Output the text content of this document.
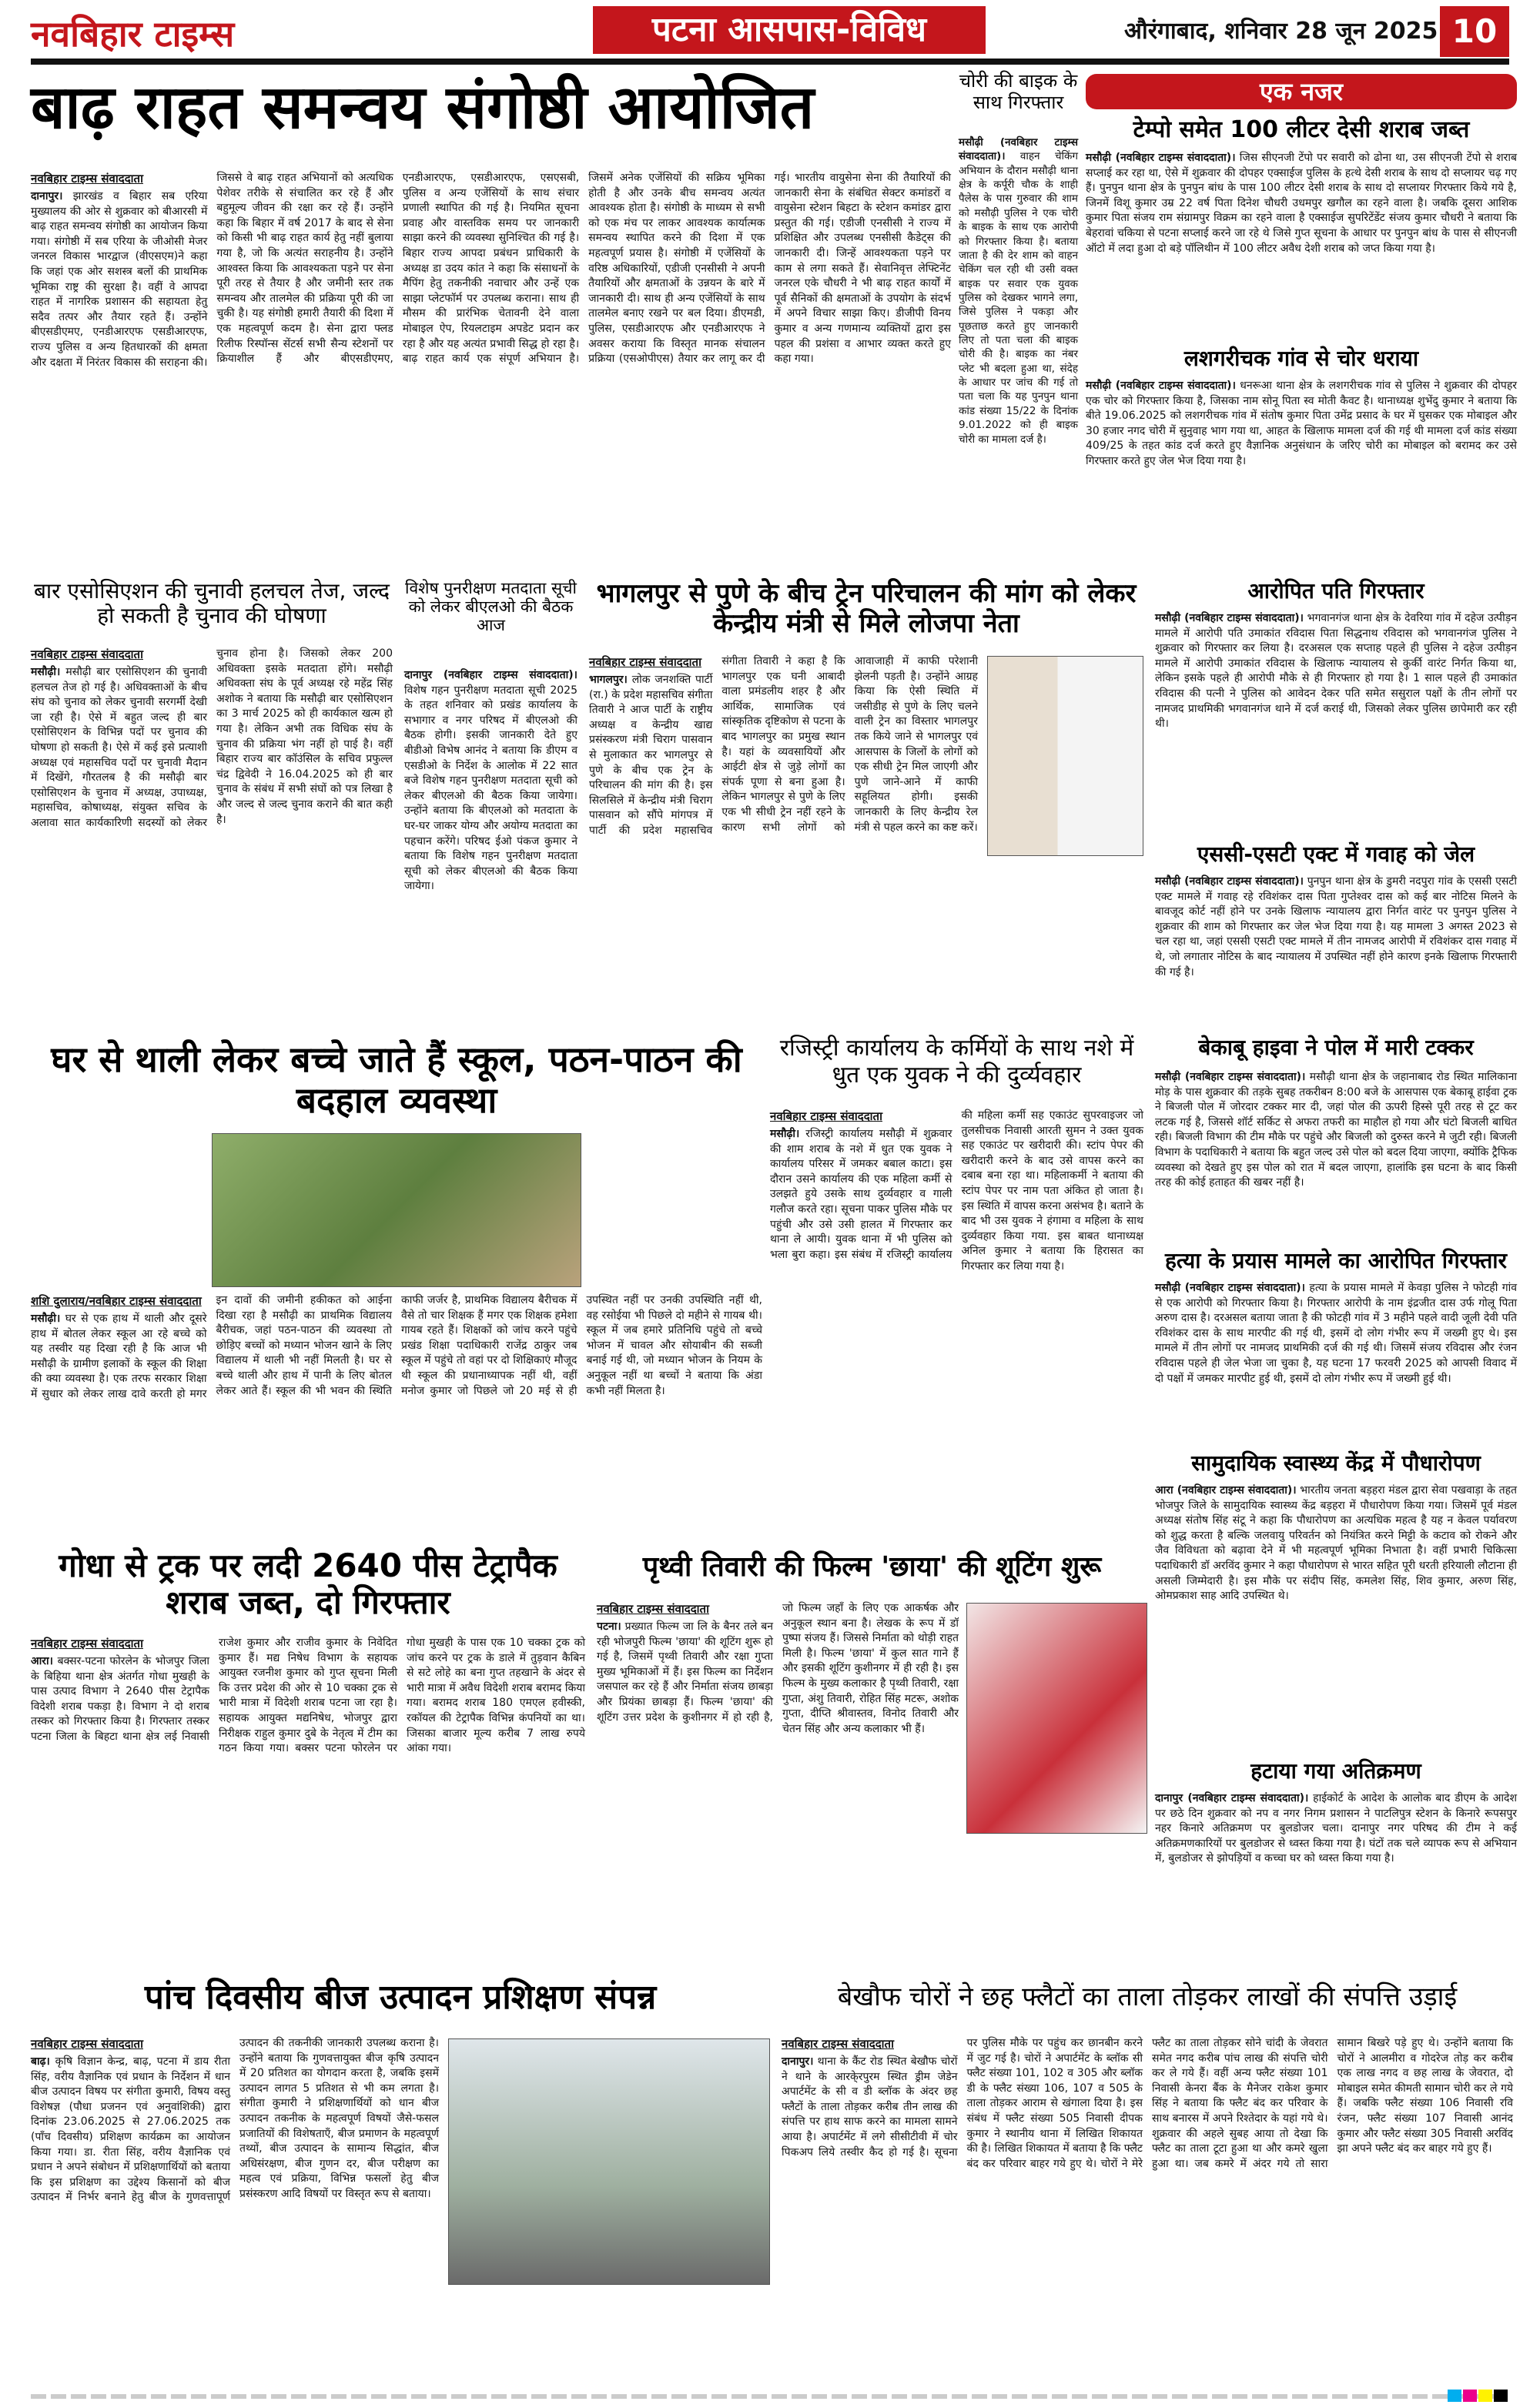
नवबिहार टाइम्स	पटना आसपास-विविध	औरंगाबाद, शनिवार 28 जून 2025 10
बाढ़ राहत समन्वय संगोष्ठी आयोजित
नवबिहार टाइम्स संवाददाता
दानापुर। झारखंड व बिहार सब एरिया मुख्यालय की ओर से शुक्रवार को बीआरसी में बाढ़ राहत समन्वय संगोष्ठी का आयोजन किया गया। संगोष्ठी में सब एरिया के जीओसी मेजर जनरल विकास भारद्वाज (वीएसएम)ने कहा कि जहां एक ओर सशस्त्र बलों की प्राथमिक भूमिका राष्ट्र की सुरक्षा है। वहीं वे आपदा राहत में नागरिक प्रशासन की सहायता हेतु सदैव तत्पर और तैयार रहते हैं। उन्होंने बीएसडीएमए, एनडीआरएफ एसडीआरएफ, राज्य पुलिस व अन्य हितधारकों की क्षमता और दक्षता में निरंतर विकास की सराहना की। जिससे वे बाढ़ राहत अभियानों को अत्यधिक पेशेवर तरीके से संचालित कर रहे हैं और बहुमूल्य जीवन की रक्षा कर रहे हैं। उन्होंने कहा कि बिहार में वर्ष 2017 के बाद से सेना को किसी भी बाढ़ राहत कार्य हेतु नहीं बुलाया गया है, जो कि अत्यंत सराहनीय है। उन्होंने आश्वस्त किया कि आवश्यकता पड़ने पर सेना पूरी तरह से तैयार है और जमीनी स्तर तक समन्वय और तालमेल की प्रक्रिया पूरी की जा चुकी है। यह संगोष्ठी हमारी तैयारी की दिशा में एक महत्वपूर्ण कदम है। सेना द्वारा फ्लड रिलीफ रिस्पॉन्स सेंटर्स सभी सैन्य स्टेशनों पर क्रियाशील हैं और बीएसडीएमए, एनडीआरएफ, एसडीआरएफ, एसएसबी, पुलिस व अन्य एजेंसियों के साथ संचार प्रणाली स्थापित की गई है। नियमित सूचना प्रवाह और वास्तविक समय पर जानकारी साझा करने की व्यवस्था सुनिश्चित की गई है। बिहार राज्य आपदा प्रबंधन प्राधिकारी के अध्यक्ष डा उदय कांत ने कहा कि संसाधनों के मैपिंग हेतु तकनीकी नवाचार और उन्हें एक साझा प्लेटफॉर्म पर उपलब्ध कराना। साथ ही मौसम की प्रारंभिक चेतावनी देने वाला मोबाइल ऐप, रियलटाइम अपडेट प्रदान कर रहा है और यह अत्यंत प्रभावी सिद्ध हो रहा है। बाढ़ राहत कार्य एक संपूर्ण अभियान है। जिसमें अनेक एजेंसियों की सक्रिय भूमिका होती है और उनके बीच समन्वय अत्यंत आवश्यक होता है। संगोष्ठी के माध्यम से सभी को एक मंच पर लाकर आवश्यक कार्यात्मक समन्वय स्थापित करने की दिशा में एक महत्वपूर्ण प्रयास है। संगोष्ठी में एजेंसियों के वरिष्ठ अधिकारियों, एडीजी एनसीसी ने अपनी तैयारियों और क्षमताओं के उन्नयन के बारे में जानकारी दी। साथ ही अन्य एजेंसियों के साथ तालमेल बनाए रखने पर बल दिया। डीएमडी, पुलिस, एसडीआरएफ और एनडीआरएफ ने अवसर कराया कि विस्तृत मानक संचालन प्रक्रिया (एसओपीएस) तैयार कर लागू कर दी गई। भारतीय वायुसेना सेना की तैयारियों की जानकारी सेना के संबंधित सेक्टर कमांडरों व वायुसेना स्टेशन बिहटा के स्टेशन कमांडर द्वारा प्रस्तुत की गई। एडीजी एनसीसी ने राज्य में प्रशिक्षित और उपलब्ध एनसीसी कैडेट्स की जानकारी दी। जिन्हें आवश्यकता पड़ने पर काम से लगा सकते हैं। सेवानिवृत्त लेफ्टिनेंट जनरल एके चौधरी ने भी बाढ़ राहत कार्यों में पूर्व सैनिकों की क्षमताओं के उपयोग के संदर्भ में अपने विचार साझा किए। डीजीपी विनय कुमार व अन्य गणमान्य व्यक्तियों द्वारा इस पहल की प्रशंसा व आभार व्यक्त करते हुए कहा गया।
चोरी की बाइक के साथ गिरफ्तार
मसौढ़ी (नवबिहार टाइम्स संवाददाता)। वाहन चेकिंग अभियान के दौरान मसौढ़ी थाना क्षेत्र के कर्पूरी चौक के शाही पैलेस के पास गुरुवार की शाम को मसौढ़ी पुलिस ने एक चोरी के बाइक के साथ एक आरोपी को गिरफ्तार किया है। बताया जाता है की देर शाम को वाहन चेकिंग चल रही थी उसी वक्त बाइक पर सवार एक युवक पुलिस को देखकर भागने लगा, जिसे पुलिस ने पकड़ा और पूछताछ करते हुए जानकारी लिए तो पता चला की बाइक चोरी की है। बाइक का नंबर प्लेट भी बदला हुआ था, संदेह के आधार पर जांच की गई तो पता चला कि यह पुनपुन थाना कांड संख्या 15/22 के दिनांक 9.01.2022 को ही बाइक चोरी का मामला दर्ज है।
एक नजर
टेम्पो समेत 100 लीटर देसी शराब जब्त
मसौढ़ी (नवबिहार टाइम्स संवाददाता)। जिस सीएनजी टेंपो पर सवारी को ढोना था, उस सीएनजी टेंपो से शराब सप्लाई कर रहा था, ऐसे में शुक्रवार की दोपहर एक्साईज पुलिस के हत्थे देसी शराब के साथ दो सप्लायर चढ़ गए हैं। पुनपुन थाना क्षेत्र के पुनपुन बांध के पास 100 लीटर देसी शराब के साथ दो सप्लायर गिरफ्तार किये गये है, जिनमें विशू कुमार उम्र 22 वर्ष पिता दिनेश चौधरी उधमपुर खगौल का रहने वाला है। जबकि दूसरा आशिक कुमार पिता संजय राम संग्रामपुर विक्रम का रहने वाला है एक्साईज सुपरिटेंडेंट संजय कुमार चौधरी ने बताया कि बेहरावां चकिया से पटना सप्लाई करने जा रहे थे जिसे गुप्त सूचना के आधार पर पुनपुन बांध के पास से सीएनजी ऑटो में लदा हुआ दो बड़े पॉलिथीन में 100 लीटर अवैध देशी शराब को जप्त किया गया है।
लशगरीचक गांव से चोर धराया
मसौढ़ी (नवबिहार टाइम्स संवाददाता)। धनरूआ थाना क्षेत्र के लशगरीचक गांव से पुलिस ने शुक्रवार की दोपहर एक चोर को गिरफ्तार किया है, जिसका नाम सोनू पिता स्व मोती कैवट है। थानाध्यक्ष शुभेंदु कुमार ने बताया कि बीते 19.06.2025 को लशगरीचक गांव में संतोष कुमार पिता उमेंद्र प्रसाद के घर में घुसकर एक मोबाइल और 30 हजार नगद चोरी में सुनुवाह भाग गया था, आहत के खिलाफ मामला दर्ज की गई थी मामला दर्ज कांड संख्या 409/25 के तहत कांड दर्ज करते हुए वैज्ञानिक अनुसंधान के जरिए चोरी का मोबाइल को बरामद कर उसे गिरफ्तार करते हुए जेल भेज दिया गया है।
आरोपित पति गिरफ्तार
मसौढ़ी (नवबिहार टाइम्स संवाददाता)। भगवानगंज थाना क्षेत्र के देवरिया गांव में दहेज उत्पीड़न मामले में आरोपी पति उमाकांत रविदास पिता सिद्धनाथ रविदास को भगवानगंज पुलिस ने शुक्रवार को गिरफ्तार कर लिया है। दरअसल एक सप्ताह पहले ही पुलिस ने दहेज उत्पीड़न मामले में आरोपी उमाकांत रविदास के खिलाफ न्यायालय से कुर्की वारंट निर्गत किया था, लेकिन इसके पहले ही आरोपी मौके से ही गिरफ्तार हो गया है। 1 साल पहले ही उमाकांत रविदास की पत्नी ने पुलिस को आवेदन देकर पति समेत ससुराल पक्षों के तीन लोगों पर नामजद प्राथमिकी भगवानगंज थाने में दर्ज कराई थी, जिसको लेकर पुलिस छापेमारी कर रही थी।
एससी-एसटी एक्ट में गवाह को जेल
मसौढ़ी (नवबिहार टाइम्स संवाददाता)। पुनपुन थाना क्षेत्र के डुमरी नदपुरा गांव के एससी एसटी एक्ट मामले में गवाह रहे रविशंकर दास पिता गुप्तेश्वर दास को कई बार नोटिस मिलने के बावजूद कोर्ट नहीं होने पर उनके खिलाफ न्यायालय द्वारा निर्गत वारंट पर पुनपुन पुलिस ने शुक्रवार की शाम को गिरफ्तार कर जेल भेज दिया गया है। यह मामला 3 अगस्त 2023 से चल रहा था, जहां एससी एसटी एक्ट मामले में तीन नामजद आरोपी में रविशंकर दास गवाह में थे, जो लगातार नोटिस के बाद न्यायालय में उपस्थित नहीं होने कारण इनके खिलाफ गिरफ्तारी की गई है।
बेकाबू हाइवा ने पोल में मारी टक्कर
मसौढ़ी (नवबिहार टाइम्स संवाददाता)। मसौढ़ी थाना क्षेत्र के जहानाबाद रोड स्थित मालिकाना मोड़ के पास शुक्रवार की तड़के सुबह तकरीबन 8:00 बजे के आसपास एक बेकाबू हाईवा ट्रक ने बिजली पोल में जोरदार टक्कर मार दी, जहां पोल की ऊपरी हिस्से पूरी तरह से टूट कर लटक गई है, जिससे शॉर्ट सर्किट से अफरा तफरी का माहौल हो गया और घंटो बिजली बाधित रही। बिजली विभाग की टीम मौके पर पहुंचे और बिजली को दुरुस्त करने मे जुटी रही। बिजली विभाग के पदाधिकारी ने बताया कि बहुत जल्द उसे पोल को बदल दिया जाएगा, क्योंकि ट्रैफिक व्यवस्था को देखते हुए इस पोल को रात में बदल जाएगा, हालांकि इस घटना के बाद किसी तरह की कोई हताहत की खबर नहीं है।
हत्या के प्रयास मामले का आरोपित गिरफ्तार
मसौढ़ी (नवबिहार टाइम्स संवाददाता)। हत्या के प्रयास मामले में केवड़ा पुलिस ने फोटही गांव से एक आरोपी को गिरफ्तार किया है। गिरफ्तार आरोपी के नाम इंद्रजीत दास उर्फ गोलू पिता अरुण दास है। दरअसल बताया जाता है की फोटही गांव में 3 महीने पहले वादी जूली देवी पति रविशंकर दास के साथ मारपीट की गई थी, इसमें दो लोग गंभीर रूप में जख्मी हुए थे। इस मामले में तीन लोगों पर नामजद प्राथमिकी दर्ज की गई थी। जिसमें संजय रविदास और रंजन रविदास पहले ही जेल भेजा जा चुका है, यह घटना 17 फरवरी 2025 को आपसी विवाद में दो पक्षों में जमकर मारपीट हुई थी, इसमें दो लोग गंभीर रूप में जख्मी हुई थी।
सामुदायिक स्वास्थ्य केंद्र में पौधारोपण
आरा (नवबिहार टाइम्स संवाददाता)। भारतीय जनता बड़हरा मंडल द्वारा सेवा पखवाड़ा के तहत भोजपुर जिले के सामुदायिक स्वास्थ्य केंद्र बड़हरा में पौधारोपण किया गया। जिसमें पूर्व मंडल अध्यक्ष संतोष सिंह संटू ने कहा कि पौधारोपण का अत्यधिक महत्व है यह न केवल पर्यावरण को शुद्ध करता है बल्कि जलवायु परिवर्तन को नियंत्रित करने मिट्टी के कटाव को रोकने और जैव विविधता को बढ़ावा देने में भी महत्वपूर्ण भूमिका निभाता है। वहीं प्रभारी चिकित्सा पदाधिकारी डॉ अरविंद कुमार ने कहा पौधारोपण से भारत सहित पूरी धरती हरियाली लौटाना ही असली जिम्मेदारी है। इस मौके पर संदीप सिंह, कमलेश सिंह, शिव कुमार, अरुण सिंह, ओमप्रकाश साह आदि उपस्थित थे।
हटाया गया अतिक्रमण
दानापुर (नवबिहार टाइम्स संवाददाता)। हाईकोर्ट के आदेश के आलोक बाद डीएम के आदेश पर छठे दिन शुक्रवार को नप व नगर निगम प्रशासन ने पाटलिपुत्र स्टेशन के किनारे रूपसपुर नहर किनारे अतिक्रमण पर बुलडोजर चला। दानापुर नगर परिषद की टीम ने कई अतिक्रमणकारियों पर बुलडोजर से ध्वस्त किया गया है। घंटों तक चले व्यापक रूप से अभियान में, बुलडोजर से झोपड़ियों व कच्चा घर को ध्वस्त किया गया है।
बार एसोसिएशन की चुनावी हलचल तेज, जल्द हो सकती है चुनाव की घोषणा
नवबिहार टाइम्स संवाददाता
मसौढ़ी। मसौढ़ी बार एसोसिएशन की चुनावी हलचल तेज हो गई है। अधिवक्ताओं के बीच संघ को चुनाव को लेकर चुनावी सरगर्मी देखी जा रही है। ऐसे में बहुत जल्द ही बार एसोसिएशन के विभिन्न पदों पर चुनाव की घोषणा हो सकती है। ऐसे में कई इसे प्रत्याशी अध्यक्ष एवं महासचिव पदों पर चुनावी मैदान में दिखेंगे, गौरतलब है की मसौढ़ी बार एसोसिएशन के चुनाव में अध्यक्ष, उपाध्यक्ष, महासचिव, कोषाध्यक्ष, संयुक्त सचिव के अलावा सात कार्यकारिणी सदस्यों को लेकर चुनाव होना है। जिसको लेकर 200 अधिवक्ता इसके मतदाता होंगे। मसौढ़ी अधिवक्ता संघ के पूर्व अध्यक्ष रहे महेंद्र सिंह अशोक ने बताया कि मसौढ़ी बार एसोसिएशन का 3 मार्च 2025 को ही कार्यकाल खत्म हो गया है। लेकिन अभी तक विधिक संघ के चुनाव की प्रक्रिया भंग नहीं हो पाई है। वहीं बिहार राज्य बार कॉउंसिल के सचिव प्रफुल्ल चंद्र द्विवेदी ने 16.04.2025 को ही बार चुनाव के संबंध में सभी संघों को पत्र लिखा है और जल्द से जल्द चुनाव कराने की बात कही है।
विशेष पुनरीक्षण मतदाता सूची को लेकर बीएलओ की बैठक आज
दानापुर (नवबिहार टाइम्स संवाददाता)। विशेष गहन पुनरीक्षण मतदाता सूची 2025 के तहत शनिवार को प्रखंड कार्यालय के सभागार व नगर परिषद में बीएलओ की बैठक होगी। इसकी जानकारी देते हुए बीडीओ विभेष आनंद ने बताया कि डीएम व एसडीओ के निर्देश के आलोक में 22 सात बजे विशेष गहन पुनरीक्षण मतदाता सूची को लेकर बीएलओ की बैठक किया जायेगा। उन्होंने बताया कि बीएलओ को मतदाता के घर-घर जाकर योग्य और अयोग्य मतदाता का पहचान करेंगे। परिषद ईओ पंकज कुमार ने बताया कि विशेष गहन पुनरीक्षण मतदाता सूची को लेकर बीएलओ की बैठक किया जायेगा।
भागलपुर से पुणे के बीच ट्रेन परिचालन की मांग को लेकर केन्द्रीय मंत्री से मिले लोजपा नेता
नवबिहार टाइम्स संवाददाता
भागलपुर। लोक जनशक्ति पार्टी (रा.) के प्रदेश महासचिव संगीता तिवारी ने आज पार्टी के राष्ट्रीय अध्यक्ष व केन्द्रीय खाद्य प्रसंस्करण मंत्री चिराग पासवान से मुलाकात कर भागलपुर से पुणे के बीच एक ट्रेन के परिचालन की मांग की है। इस सिलसिले में केन्द्रीय मंत्री चिराग पासवान को सौंपे मांगपत्र में पार्टी की प्रदेश महासचिव संगीता तिवारी ने कहा है कि भागलपुर एक घनी आबादी वाला प्रमंडलीय शहर है और आर्थिक, सामाजिक एवं सांस्कृतिक दृष्टिकोण से पटना के बाद भागलपुर का प्रमुख स्थान है। यहां के व्यवसायियों और आईटी क्षेत्र से जुड़े लोगों का संपर्क पूणा से बना हुआ है। लेकिन भागलपुर से पुणे के लिए एक भी सीधी ट्रेन नहीं रहने के कारण सभी लोगों को आवाजाही में काफी परेशानी झेलनी पड़ती है। उन्होंने आग्रह किया कि ऐसी स्थिति में जसीडीह से पुणे के लिए चलने वाली ट्रेन का विस्तार भागलपुर तक किये जाने से भागलपुर एवं आसपास के जिलों के लोगों को एक सीधी ट्रेन मिल जाएगी और पुणे जाने-आने में काफी सहूलियत होगी। इसकी जानकारी के लिए केन्द्रीय रेल मंत्री से पहल करने का कष्ट करें।
घर से थाली लेकर बच्चे जाते हैं स्कूल, पठन-पाठन की बदहाल व्यवस्था
शशि दुलाराय/नवबिहार टाइम्स संवाददाता
मसौढ़ी। घर से एक हाथ में थाली और दूसरे हाथ में बोतल लेकर स्कूल आ रहे बच्चे को यह तस्वीर यह दिखा रही है कि आज भी मसौढ़ी के ग्रामीण इलाकों के स्कूल की शिक्षा की क्या व्यवस्था है। एक तरफ सरकार शिक्षा में सुधार को लेकर लाख दावे करती हो मगर इन दावों की जमीनी हकीकत को आईना दिखा रहा है मसौढ़ी का प्राथमिक विद्यालय बैरीचक, जहां पठन-पाठन की व्यवस्था तो छोड़िए बच्चों को मध्यान भोजन खाने के लिए विद्यालय में थाली भी नहीं मिलती है। घर से बच्चे थाली और हाथ में पानी के लिए बोतल लेकर आते हैं। स्कूल की भी भवन की स्थिति काफी जर्जर है, प्राथमिक विद्यालय बैरीचक में वैसे तो चार शिक्षक हैं मगर एक शिक्षक हमेशा गायब रहते हैं। शिक्षकों को जांच करने पहुंचे प्रखंड शिक्षा पदाधिकारी राजेंद्र ठाकुर जब स्कूल में पहुंचे तो वहां पर दो शिक्षिकाएं मौजूद थी स्कूल की प्रधानाध्यापक नहीं थी, वहीं मनोज कुमार जो पिछले जो 20 मई से ही उपस्थित नहीं पर उनकी उपस्थिति नहीं थी, वह रसोईया भी पिछले दो महीने से गायब थी। स्कूल में जब हमारे प्रतिनिधि पहुंचे तो बच्चे भोजन में चावल और सोयाबीन की सब्जी बनाई गई थी, जो मध्यान भोजन के नियम के अनुकूल नहीं था बच्चों ने बताया कि अंडा कभी नहीं मिलता है।
रजिस्ट्री कार्यालय के कर्मियों के साथ नशे में धुत एक युवक ने की दुर्व्यवहार
नवबिहार टाइम्स संवाददाता
मसौढ़ी। रजिस्ट्री कार्यालय मसौढ़ी में शुक्रवार की शाम शराब के नशे में धुत एक युवक ने कार्यालय परिसर में जमकर बबाल काटा। इस दौरान उसने कार्यालय की एक महिला कर्मी से उलझते हुये उसके साथ दुर्व्यवहार व गाली गलौज करते रहा। सूचना पाकर पुलिस मौके पर पहुंची और उसे उसी हालत में गिरफ्तार कर थाना ले आयी। युवक थाना में भी पुलिस को भला बुरा कहा। इस संबंध में रजिस्ट्री कार्यालय की महिला कर्मी सह एकाउंट सुपरवाइजर जो तुलसीचक निवासी आरती सुमन ने उक्त युवक सह एकाउंट पर खरीदारी की। स्टांप पेपर की खरीदारी करने के बाद उसे वापस करने का दबाब बना रहा था। महिलाकर्मी ने बताया की स्टांप पेपर पर नाम पता अंकित हो जाता है। इस स्थिति में वापस करना असंभव है। बताने के बाद भी उस युवक ने हंगामा व महिला के साथ दुर्व्यवहार किया गया. इस बाबत थानाध्यक्ष अनिल कुमार ने बताया कि हिरासत का गिरफ्तार कर लिया गया है।
गोधा से ट्रक पर लदी 2640 पीस टेट्रापैक शराब जब्त, दो गिरफ्तार
नवबिहार टाइम्स संवाददाता
आरा। बक्सर-पटना फोरलेन के भोजपुर जिला के बिहिया थाना क्षेत्र अंतर्गत गोधा मुखही के पास उत्पाद विभाग ने 2640 पीस टेट्रापैक विदेशी शराब पकड़ा है। विभाग ने दो शराब तस्कर को गिरफ्तार किया है। गिरफ्तार तस्कर पटना जिला के बिहटा थाना क्षेत्र लई निवासी राजेश कुमार और राजीव कुमार के निवेदित कुमार हैं। मद्य निषेध विभाग के सहायक आयुक्त रजनीश कुमार को गुप्त सूचना मिली कि उत्तर प्रदेश की ओर से 10 चक्का ट्रक से भारी मात्रा में विदेशी शराब पटना जा रहा है। सहायक आयुक्त मद्यनिषेध, भोजपुर द्वारा निरीक्षक राहुल कुमार दुबे के नेतृत्व में टीम का गठन किया गया। बक्सर पटना फोरलेन पर गोधा मुखही के पास एक 10 चक्का ट्रक को जांच करने पर ट्रक के डाले में तुड़वान कैबिन से सटे लोहे का बना गुप्त तहखाने के अंदर से भारी मात्रा में अवैध विदेशी शराब बरामद किया गया। बरामद शराब 180 एमएल हवीस्की, रकॉयल की टेट्रापैक विभिन्न कंपनियों का था। जिसका बाजार मूल्य करीब 7 लाख रुपये आंका गया।
पृथ्वी तिवारी की फिल्म 'छाया' की शूटिंग शुरू
नवबिहार टाइम्स संवाददाता
पटना। प्रख्यात फिल्म जा लि के बैनर तले बन रही भोजपुरी फिल्म 'छाया' की शूटिंग शुरू हो गई है, जिसमें पृथ्वी तिवारी और रक्षा गुप्ता मुख्य भूमिकाओं में हैं। इस फिल्म का निर्देशन जसपाल कर रहे हैं और निर्माता संजय छाबड़ा और प्रियंका छाबड़ा हैं। फिल्म 'छाया' की शूटिंग उत्तर प्रदेश के कुशीनगर में हो रही है, जो फिल्म जहाँ के लिए एक आकर्षक और अनुकूल स्थान बना है। लेखक के रूप में डॉ पुष्पा संजय हैं। जिससे निर्माता को थोड़ी राहत मिली है। फिल्म 'छाया' में कुल सात गाने हैं और इसकी शूटिंग कुशीनगर में ही रही है। इस फिल्म के मुख्य कलाकार है पृथ्वी तिवारी, रक्षा गुप्ता, अंशु तिवारी, रोहित सिंह मटरू, अशोक गुप्ता, दीप्ति श्रीवास्तव, विनोद तिवारी और चेतन सिंह और अन्य कलाकार भी हैं।
पांच दिवसीय बीज उत्पादन प्रशिक्षण संपन्न
नवबिहार टाइम्स संवाददाता
बाढ़। कृषि विज्ञान केन्द्र, बाढ़, पटना में डाय रीता सिंह, वरीय वैज्ञानिक एवं प्रधान के निर्देशन में धान बीज उत्पादन विषय पर संगीता कुमारी, विषय वस्तु विशेषज्ञ (पौधा प्रजनन एवं अनुवांशिकी) द्वारा दिनांक 23.06.2025 से 27.06.2025 तक (पाँच दिवसीय) प्रशिक्षण कार्यक्रम का आयोजन किया गया। डा. रीता सिंह, वरीय वैज्ञानिक एवं प्रधान ने अपने संबोधन में प्रशिक्षणार्थियों को बताया कि इस प्रशिक्षण का उद्देश्य किसानों को बीज उत्पादन में निर्भर बनाने हेतु बीज के गुणवत्तापूर्ण उत्पादन की तकनीकी जानकारी उपलब्ध कराना है। उन्होंने बताया कि गुणवत्तायुक्त बीज कृषि उत्पादन में 20 प्रतिशत का योगदान करता है, जबकि इसमें उत्पादन लागत 5 प्रतिशत से भी कम लगता है। संगीता कुमारी ने प्रशिक्षणार्थियों को धान बीज उत्पादन तकनीक के महत्वपूर्ण विषयों जैसे-फसल प्रजातियों की विशेषताएँ, बीज प्रमाणन के महत्वपूर्ण तथ्यों, बीज उत्पादन के सामान्य सिद्धांत, बीज अधिसंरक्षण, बीज गुणन दर, बीज परीक्षण का महत्व एवं प्रक्रिया, विभिन्न फसलों हेतु बीज प्रसंस्करण आदि विषयों पर विस्तृत रूप से बताया।
बेखौफ चोरों ने छह फ्लैटों का ताला तोड़कर लाखों की संपत्ति उड़ाई
नवबिहार टाइम्स संवाददाता
दानापुर। थाना के कैंट रोड स्थित बेखौफ चोरों ने थाने के आरके्रपुरम स्थित ड्रीम जेडेन अपार्टमेंट के सी व डी ब्लॉक के अंदर छह फ्लैटों के ताला तोड़कर करीब तीन लाख की संपत्ति पर हाथ साफ करने का मामला सामने आया है। अपार्टमेंट में लगे सीसीटीवी में चोर पिकअप लिये तस्वीर कैद हो गई है। सूचना पर पुलिस मौके पर पहुंच कर छानबीन करने में जुट गई है। चोरों ने अपार्टमेंट के ब्लॉक सी फ्लैट संख्या 101, 102 व 305 और ब्लॉक डी के फ्लैट संख्या 106, 107 व 505 के ताला तोड़कर आराम से खंगाला दिया है। इस संबंध में फ्लैट संख्या 505 निवासी दीपक कुमार ने स्थानीय थाना में लिखित शिकायत की है। लिखित शिकायत में बताया है कि फ्लैट बंद कर परिवार बाहर गये हुए थे। चोरों ने मेरे फ्लैट का ताला तोड़कर सोने चांदी के जेवरात समेत नगद करीब पांच लाख की संपत्ति चोरी कर ले गये हैं। वहीं अन्य फ्लैट संख्या 101 निवासी केनरा बैंक के मैनेजर राकेश कुमार सिंह ने बताया कि फ्लैट बंद कर परिवार के साथ बनारस में अपने रिश्तेदार के यहां गये थे। शुक्रवार की अहले सुबह आया तो देखा कि फ्लैट का ताला टूटा हुआ था और कमरे खुला हुआ था। जब कमरे में अंदर गये तो सारा सामान बिखरे पड़े हुए थे। उन्होंने बताया कि चोरों ने आलमीरा व गोदरेज तोड़ कर करीब एक लाख नगद व छह लाख के जेवरात, दो मोबाइल समेत कीमती सामान चोरी कर ले गये हैं। जबकि फ्लैट संख्या 106 निवासी रवि रंजन, फ्लैट संख्या 107 निवासी आनंद कुमार और फ्लैट संख्या 305 निवासी अरविंद झा अपने फ्लैट बंद कर बाहर गये हुए हैं।
